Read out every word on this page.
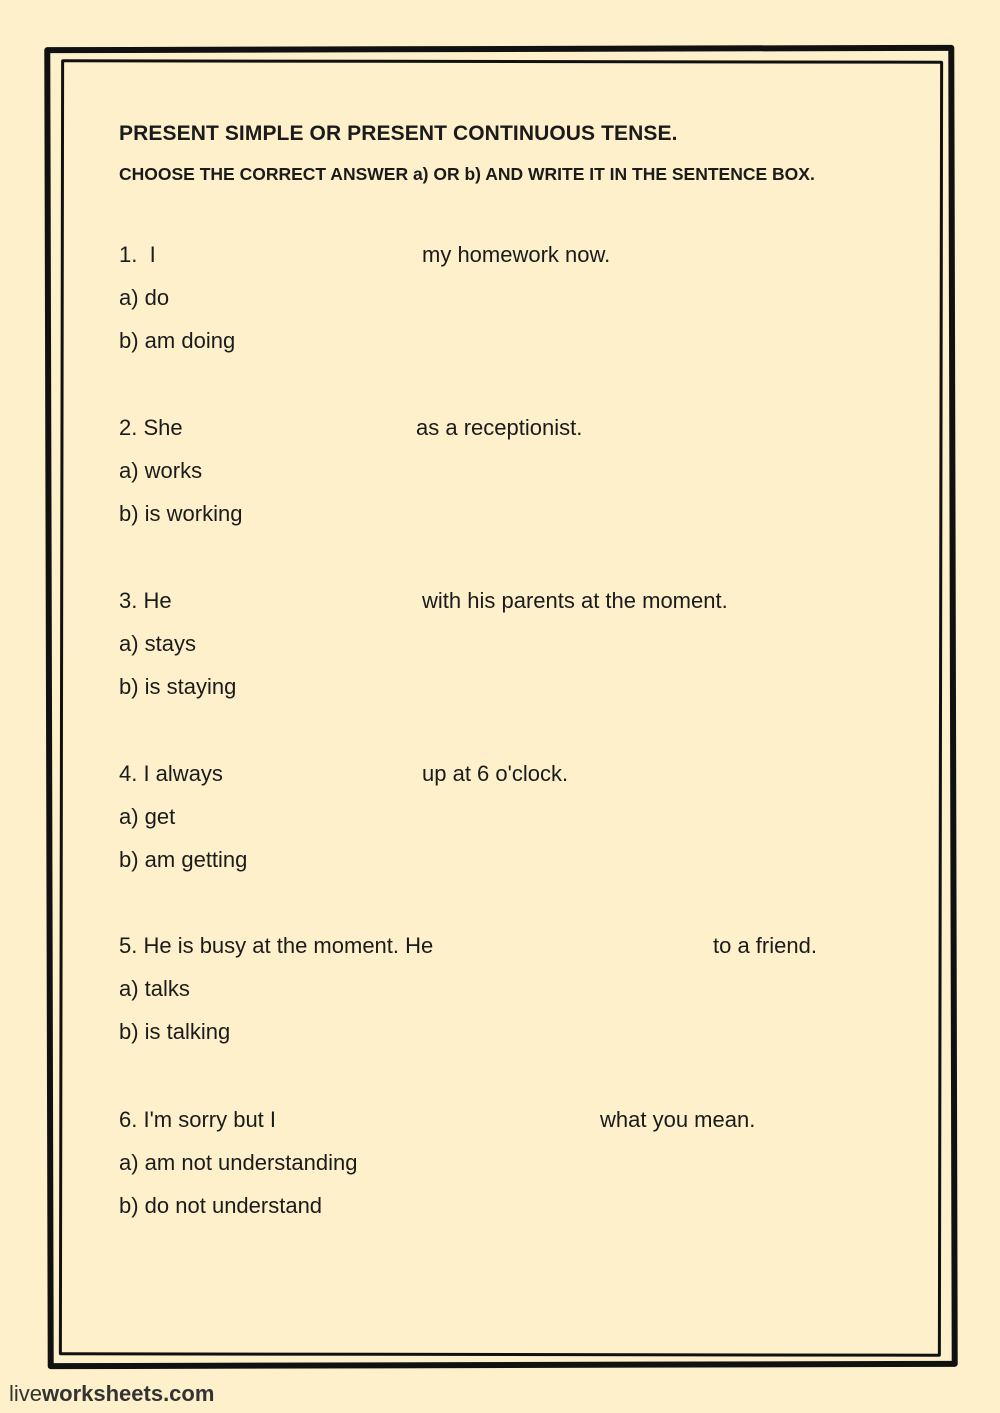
PRESENT SIMPLE OR PRESENT CONTINUOUS TENSE.

CHOOSE THE CORRECT ANSWER a) OR b) AND WRITE IT IN THE SENTENCE BOX.

1.  I	my homework now.
a) do
b) am doing
2. She	as a receptionist.
a) works
b) is working
3. He	with his parents at the moment.
a) stays
b) is staying
4. I always	up at 6 o'clock.
a) get
b) am getting
5. He is busy at the moment. He	to a friend.
a) talks
b) is talking
6. I'm sorry but I	what you mean.
a) am not understanding
b) do not understand
liveworksheets.com
